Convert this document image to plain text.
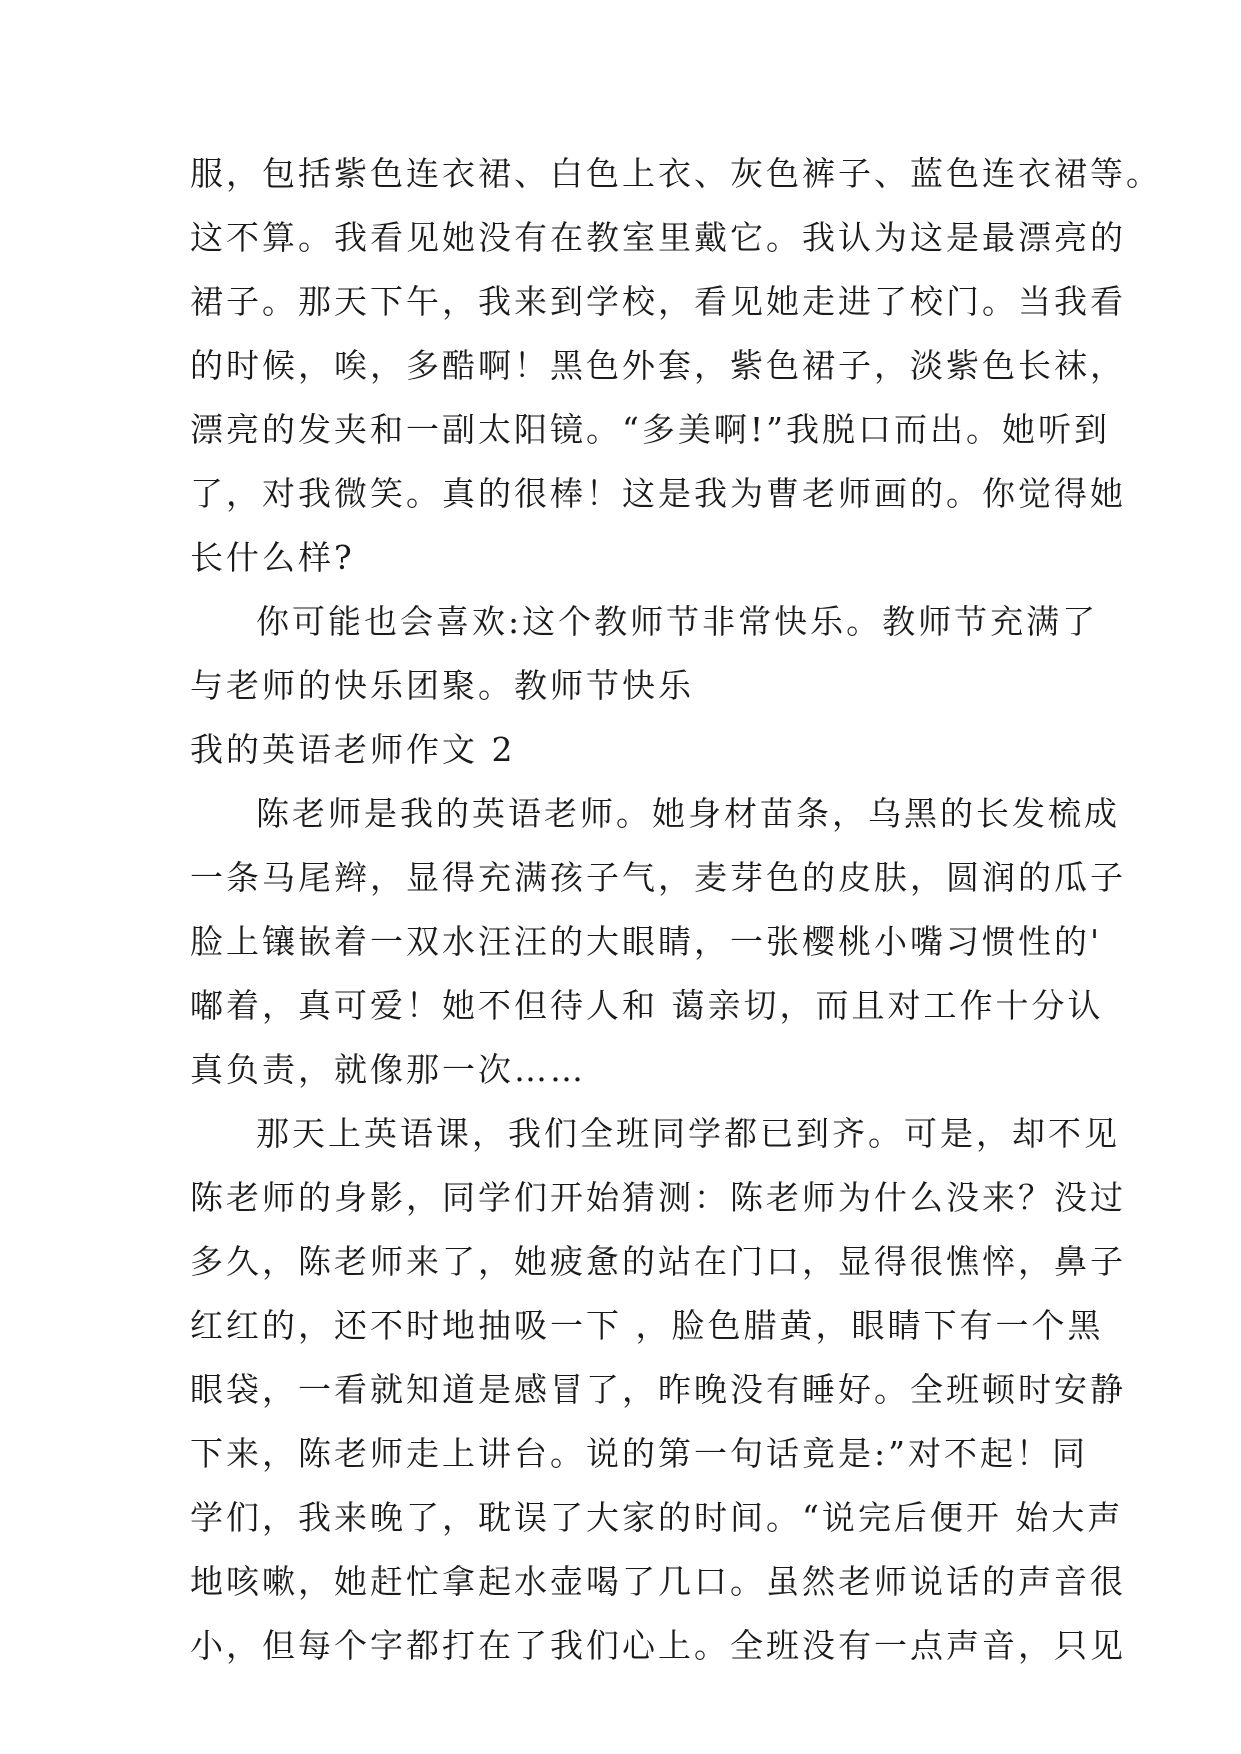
服，包括紫色连衣裙、白色上衣、灰色裤子、蓝色连衣裙等。
这不算。我看见她没有在教室里戴它。我认为这是最漂亮的
裙子。那天下午，我来到学校，看见她走进了校门。当我看
的时候，唉，多酷啊！黑色外套，紫色裙子，淡紫色长袜，
漂亮的发夹和一副太阳镜。“多美啊!”我脱口而出。她听到
了，对我微笑。真的很棒！这是我为曹老师画的。你觉得她
长什么样?
你可能也会喜欢:这个教师节非常快乐。教师节充满了
与老师的快乐团聚。教师节快乐
我的英语老师作文 2
陈老师是我的英语老师。她身材苗条，乌黑的长发梳成
一条马尾辫，显得充满孩子气，麦芽色的皮肤，圆润的瓜子
脸上镶嵌着一双水汪汪的大眼睛，一张樱桃小嘴习惯性的'
嘟着，真可爱！她不但待人和 蔼亲切，而且对工作十分认
真负责，就像那一次……
那天上英语课，我们全班同学都已到齐。可是，却不见
陈老师的身影，同学们开始猜测：陈老师为什么没来？没过
多久，陈老师来了，她疲惫的站在门口，显得很憔悴，鼻子
红红的，还不时地抽吸一下 ，脸色腊黄，眼睛下有一个黑
眼袋，一看就知道是感冒了，昨晚没有睡好。全班顿时安静
下来，陈老师走上讲台。说的第一句话竟是:”对不起！同
学们，我来晚了，耽误了大家的时间。“说完后便开 始大声
地咳嗽，她赶忙拿起水壶喝了几口。虽然老师说话的声音很
小，但每个字都打在了我们心上。全班没有一点声音，只见
